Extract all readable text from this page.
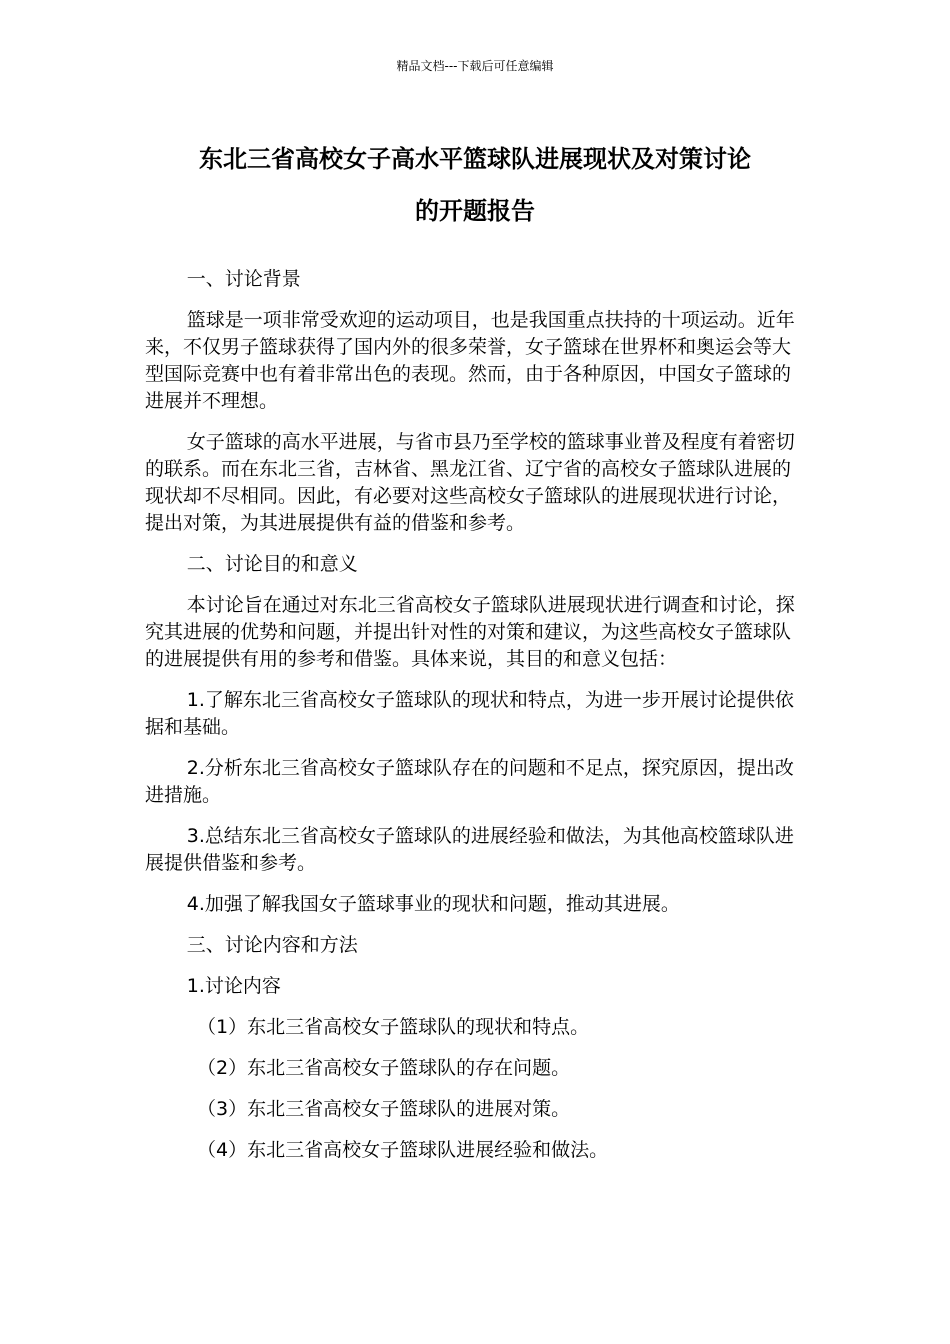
精品文档---下载后可任意编辑
东北三省高校女子高水平篮球队进展现状及对策讨论
的开题报告

一、讨论背景

篮球是一项非常受欢迎的运动项目，也是我国重点扶持的十项运动。近年来，不仅男子篮球获得了国内外的很多荣誉，女子篮球在世界杯和奥运会等大型国际竞赛中也有着非常出色的表现。然而，由于各种原因，中国女子篮球的进展并不理想。

女子篮球的高水平进展，与省市县乃至学校的篮球事业普及程度有着密切的联系。而在东北三省，吉林省、黑龙江省、辽宁省的高校女子篮球队进展的现状却不尽相同。因此，有必要对这些高校女子篮球队的进展现状进行讨论，提出对策，为其进展提供有益的借鉴和参考。

二、讨论目的和意义

本讨论旨在通过对东北三省高校女子篮球队进展现状进行调查和讨论，探究其进展的优势和问题，并提出针对性的对策和建议，为这些高校女子篮球队的进展提供有用的参考和借鉴。具体来说，其目的和意义包括：

1.了解东北三省高校女子篮球队的现状和特点，为进一步开展讨论提供依据和基础。

2.分析东北三省高校女子篮球队存在的问题和不足点，探究原因，提出改进措施。

3.总结东北三省高校女子篮球队的进展经验和做法，为其他高校篮球队进展提供借鉴和参考。

4.加强了解我国女子篮球事业的现状和问题，推动其进展。

三、讨论内容和方法

1.讨论内容

（1）东北三省高校女子篮球队的现状和特点。

（2）东北三省高校女子篮球队的存在问题。

（3）东北三省高校女子篮球队的进展对策。

（4）东北三省高校女子篮球队进展经验和做法。
